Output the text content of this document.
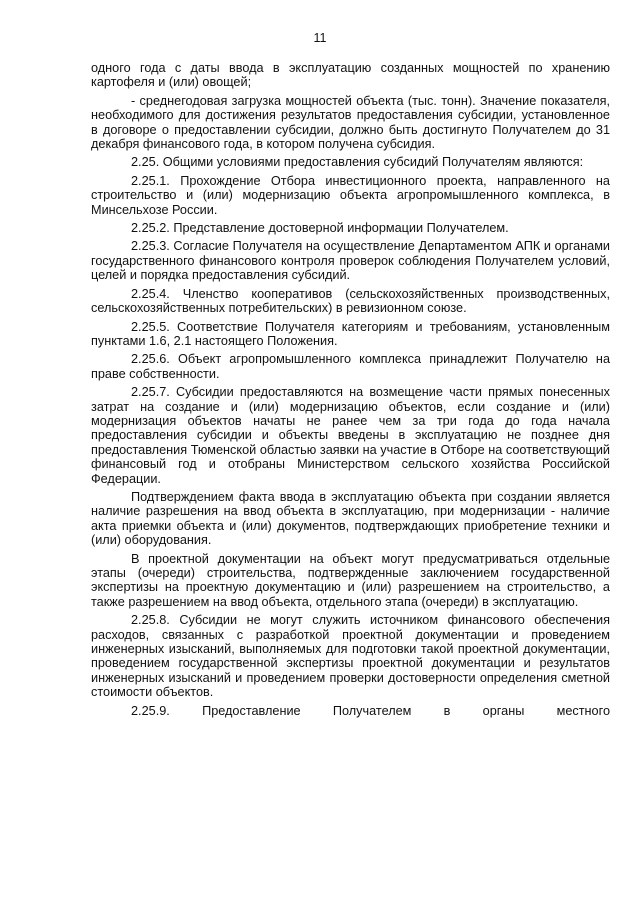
11

одного года с даты ввода в эксплуатацию созданных мощностей по хранению картофеля и (или) овощей;

- среднегодовая загрузка мощностей объекта (тыс. тонн). Значение показателя, необходимого для достижения результатов предоставления субсидии, установленное в договоре о предоставлении субсидии, должно быть достигнуто Получателем до 31 декабря финансового года, в котором получена субсидия.

2.25. Общими условиями предоставления субсидий Получателям являются:

2.25.1. Прохождение Отбора инвестиционного проекта, направленного на строительство и (или) модернизацию объекта агропромышленного комплекса, в Минсельхозе России.

2.25.2. Представление достоверной информации Получателем.

2.25.3. Согласие Получателя на осуществление Департаментом АПК и органами государственного финансового контроля проверок соблюдения Получателем условий, целей и порядка предоставления субсидий.

2.25.4. Членство кооперативов (сельскохозяйственных производственных, сельскохозяйственных потребительских) в ревизионном союзе.

2.25.5. Соответствие Получателя категориям и требованиям, установленным пунктами 1.6, 2.1 настоящего Положения.

2.25.6. Объект агропромышленного комплекса принадлежит Получателю на праве собственности.

2.25.7. Субсидии предоставляются на возмещение части прямых понесенных затрат на создание и (или) модернизацию объектов, если создание и (или) модернизация объектов начаты не ранее чем за три года до года начала предоставления субсидии и объекты введены в эксплуатацию не позднее дня предоставления Тюменской областью заявки на участие в Отборе на соответствующий финансовый год и отобраны Министерством сельского хозяйства Российской Федерации.

Подтверждением факта ввода в эксплуатацию объекта при создании является наличие разрешения на ввод объекта в эксплуатацию, при модернизации - наличие акта приемки объекта и (или) документов, подтверждающих приобретение техники и (или) оборудования.

В проектной документации на объект могут предусматриваться отдельные этапы (очереди) строительства, подтвержденные заключением государственной экспертизы на проектную документацию и (или) разрешением на строительство, а также разрешением на ввод объекта, отдельного этапа (очереди) в эксплуатацию.

2.25.8. Субсидии не могут служить источником финансового обеспечения расходов, связанных с разработкой проектной документации и проведением инженерных изысканий, выполняемых для подготовки такой проектной документации, проведением государственной экспертизы проектной документации и результатов инженерных изысканий и проведением проверки достоверности определения сметной стоимости объектов.

2.25.9. Предоставление Получателем в органы местного
